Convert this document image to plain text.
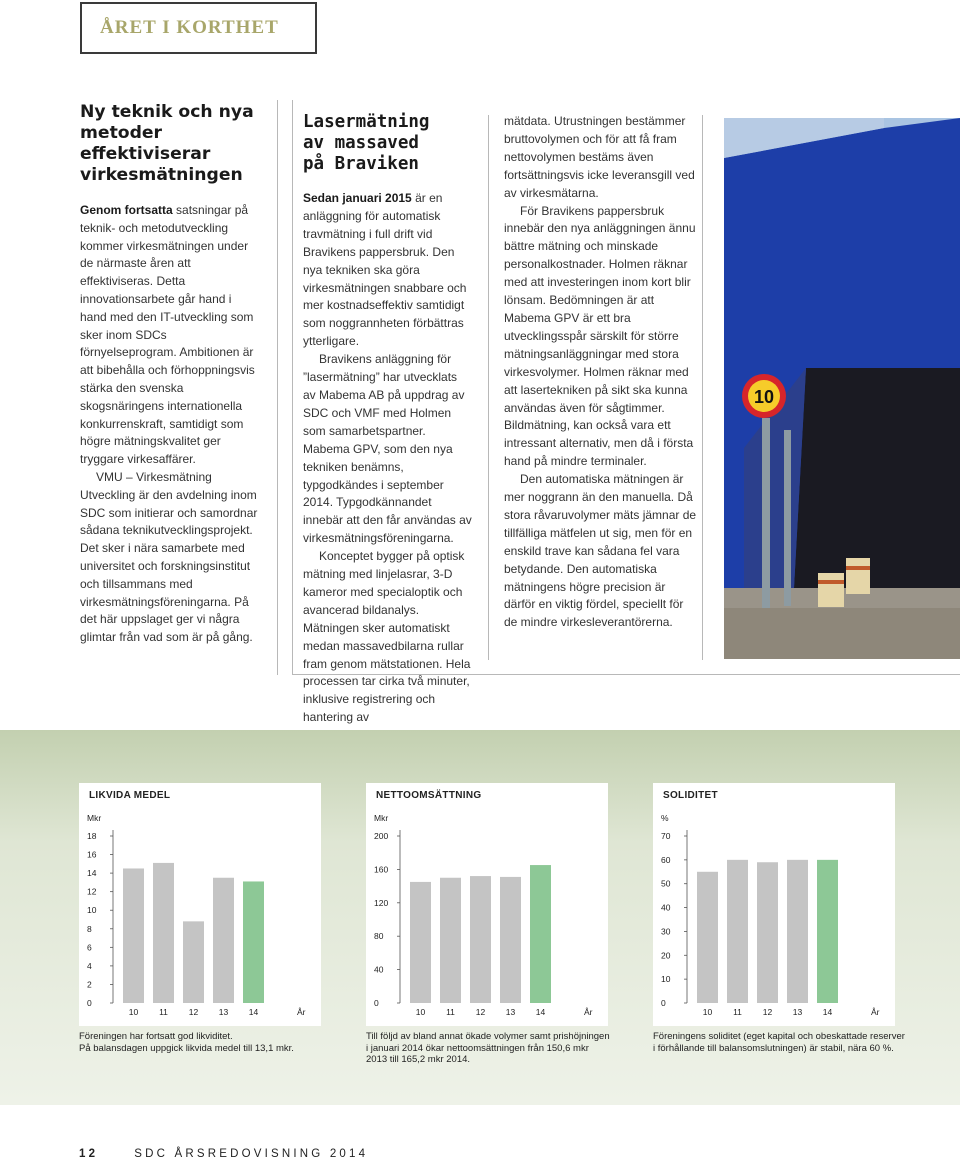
ÅRET I KORTHET
Ny teknik och nya metoder effektiviserar virkesmätningen

Genom fortsatta satsningar på teknik- och metodutveckling kommer virkesmätningen under de närmaste åren att effektiviseras. Detta innovationsarbete går hand i hand med den IT-utveckling som sker inom SDCs förnyelseprogram. Ambitionen är att bibehålla och förhoppningsvis stärka den svenska skogsnäringens internationella konkurrenskraft, samtidigt som högre mätningskvalitet ger tryggare virkesaffärer.

VMU – Virkesmätning Utveckling är den avdelning inom SDC som initierar och samordnar sådana teknikutvecklingsprojekt. Det sker i nära samarbete med universitet och forskningsinstitut och tillsammans med virkesmätningsföreningarna. På det här uppslaget ger vi några glimtar från vad som är på gång.

Lasermätning
av massaved
på Braviken

Sedan januari 2015 är en anläggning för automatisk travmätning i full drift vid Bravikens pappersbruk. Den nya tekniken ska göra virkesmätningen snabbare och mer kostnadseffektiv samtidigt som noggrannheten förbättras ytterligare.

Bravikens anläggning för ”lasermätning” har utvecklats av Mabema AB på uppdrag av SDC och VMF med Holmen som samarbetspartner. Mabema GPV, som den nya tekniken benämns, typgodkändes i september 2014. Typgodkännandet innebär att den får användas av virkesmätningsföreningarna.

Konceptet bygger på optisk mätning med linjelasrar, 3-D kameror med specialoptik och avancerad bildanalys. Mätningen sker automatiskt medan massavedbilarna rullar fram genom mätstationen. Hela processen tar cirka två minuter, inklusive registrering och hantering av

mätdata. Utrustningen bestämmer bruttovolymen och för att få fram nettovolymen bestäms även fortsättningsvis icke leveransgill ved av virkesmätarna.

För Bravikens pappersbruk innebär den nya anläggningen ännu bättre mätning och minskade personalkostnader. Holmen räknar med att investeringen inom kort blir lönsam. Bedömningen är att Mabema GPV är ett bra utvecklingsspår särskilt för större mätningsanläggningar med stora virkesvolymer. Holmen räknar med att lasertekniken på sikt ska kunna användas även för sågtimmer. Bildmätning, kan också vara ett intressant alternativ, men då i första hand på mindre terminaler.

Den automatiska mätningen är mer noggrann än den manuella. Då stora råvaruvolymer mäts jämnar de tillfälliga mätfelen ut sig, men för en enskild trave kan sådana fel vara betydande. Den automatiska mätningens högre precision är därför en viktig fördel, speciellt för de mindre virkesleverantörerna.

10
LIKVIDA MEDEL
Mkr
0
2
4
6
8
10
12
14
16
18
10 11 12 13 14	År
NETTOOMSÄTTNING
Mkr
0
40
80
120
160
200
10 11 12 13 14	År
SOLIDITET
%
0
10
20
30
40
50
60
70
10 11 12 13 14	År
Föreningen har fortsatt god likviditet.
På balansdagen uppgick likvida medel till 13,1 mkr.
Till följd av bland annat ökade volymer samt prishöjningen
i januari 2014 ökar nettoomsättningen från 150,6 mkr
2013 till 165,2 mkr 2014.
Föreningens soliditet (eget kapital och obeskattade reserver
i förhållande till balansomslutningen) är stabil, nära 60 %.
12	SDC ÅRSREDOVISNING 2014
